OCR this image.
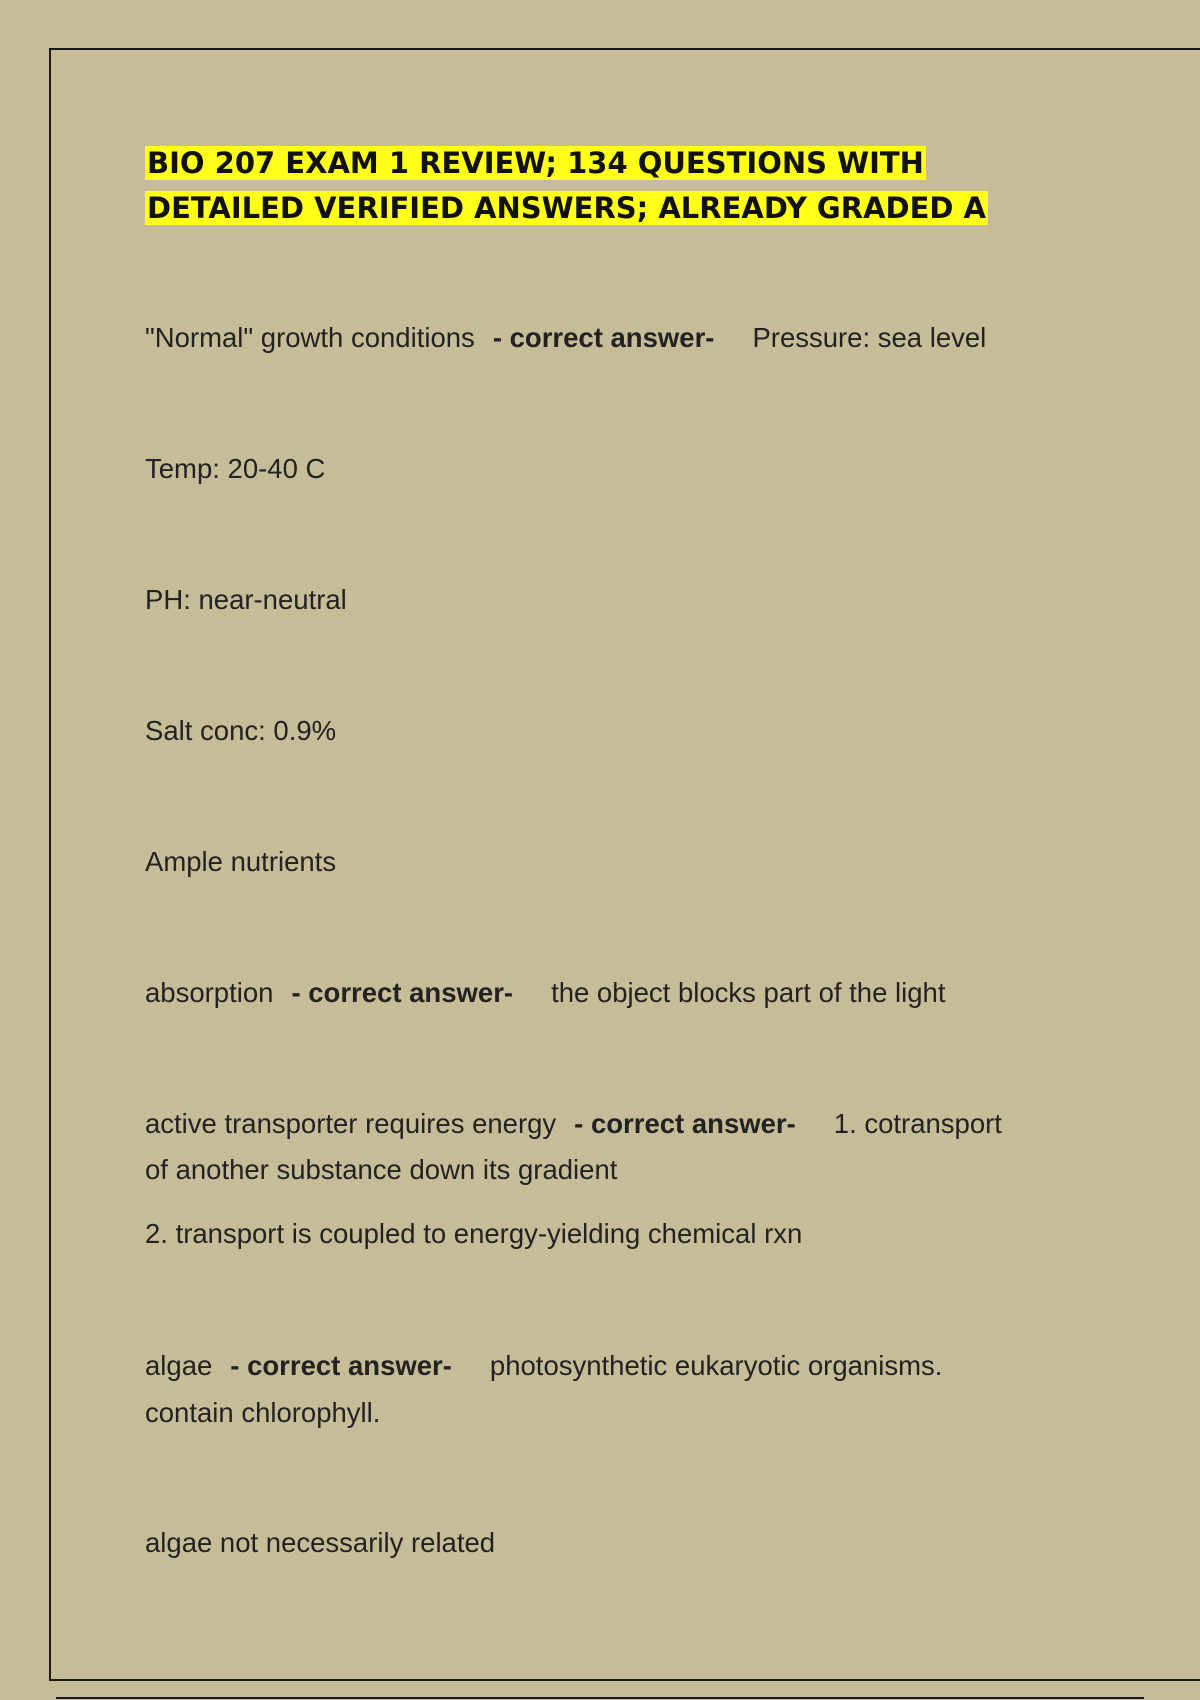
BIO 207 EXAM 1 REVIEW; 134 QUESTIONS WITH
DETAILED VERIFIED ANSWERS; ALREADY GRADED A
"Normal" growth conditions - correct answer- Pressure: sea level
Temp: 20-40 C
PH: near-neutral
Salt conc: 0.9%
Ample nutrients
absorption - correct answer- the object blocks part of the light
active transporter requires energy - correct answer- 1. cotransport
of another substance down its gradient
2. transport is coupled to energy-yielding chemical rxn
algae - correct answer- photosynthetic eukaryotic organisms.
contain chlorophyll.
algae not necessarily related
